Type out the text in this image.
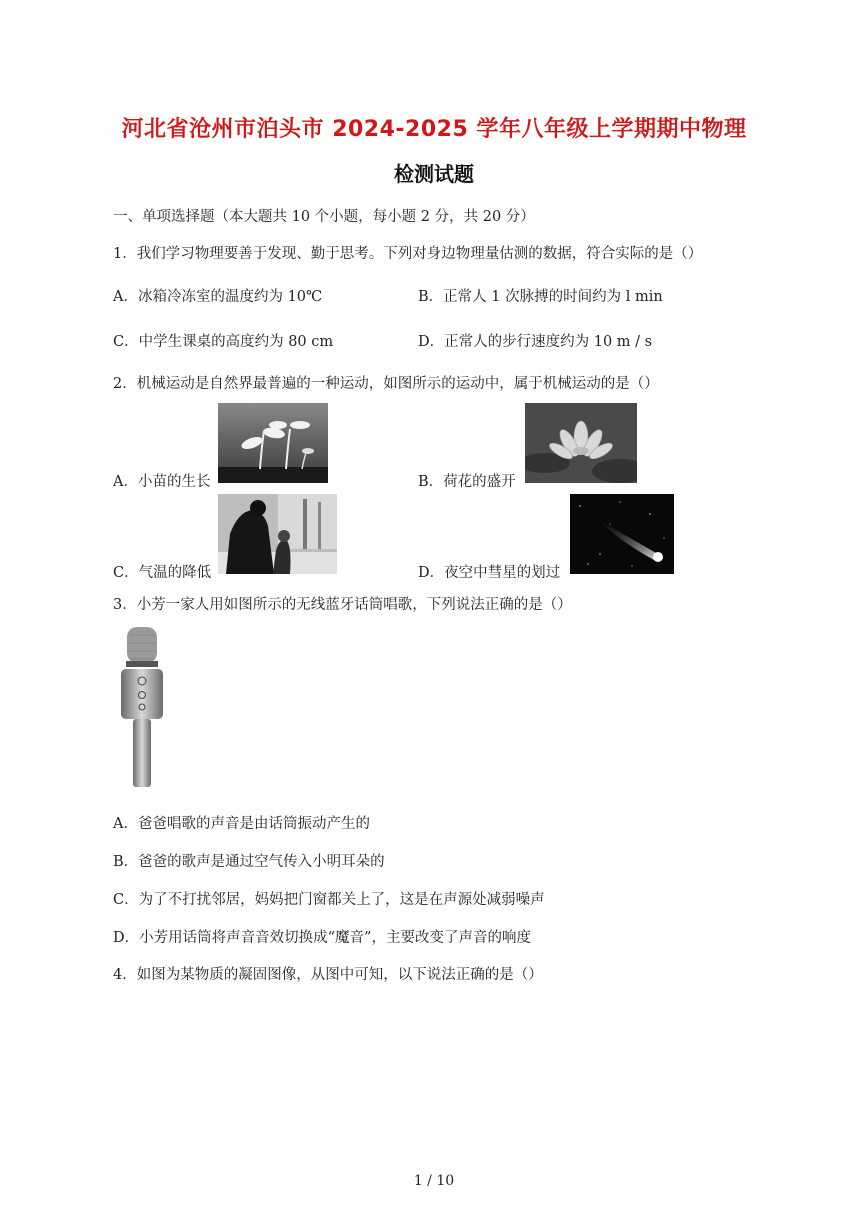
河北省沧州市泊头市 2024-2025 学年八年级上学期期中物理
检测试题
一、单项选择题（本大题共 10 个小题，每小题 2 分，共 20 分）
1．我们学习物理要善于发现、勤于思考。下列对身边物理量估测的数据，符合实际的是（）
A．冰箱冷冻室的温度约为 10℃	B．正常人 1 次脉搏的时间约为 l min
C．中学生课桌的高度约为 80 cm	D．正常人的步行速度约为 10 m / s
2．机械运动是自然界最普遍的一种运动，如图所示的运动中，属于机械运动的是（）
A．小苗的生长	B．荷花的盛开
C．气温的降低	D．夜空中彗星的划过
3．小芳一家人用如图所示的无线蓝牙话筒唱歌，下列说法正确的是（）
A．爸爸唱歌的声音是由话筒振动产生的
B．爸爸的歌声是通过空气传入小明耳朵的
C．为了不打扰邻居，妈妈把门窗都关上了，这是在声源处减弱噪声
D．小芳用话筒将声音音效切换成“魔音”，主要改变了声音的响度
4．如图为某物质的凝固图像，从图中可知，以下说法正确的是（）
1 / 10
